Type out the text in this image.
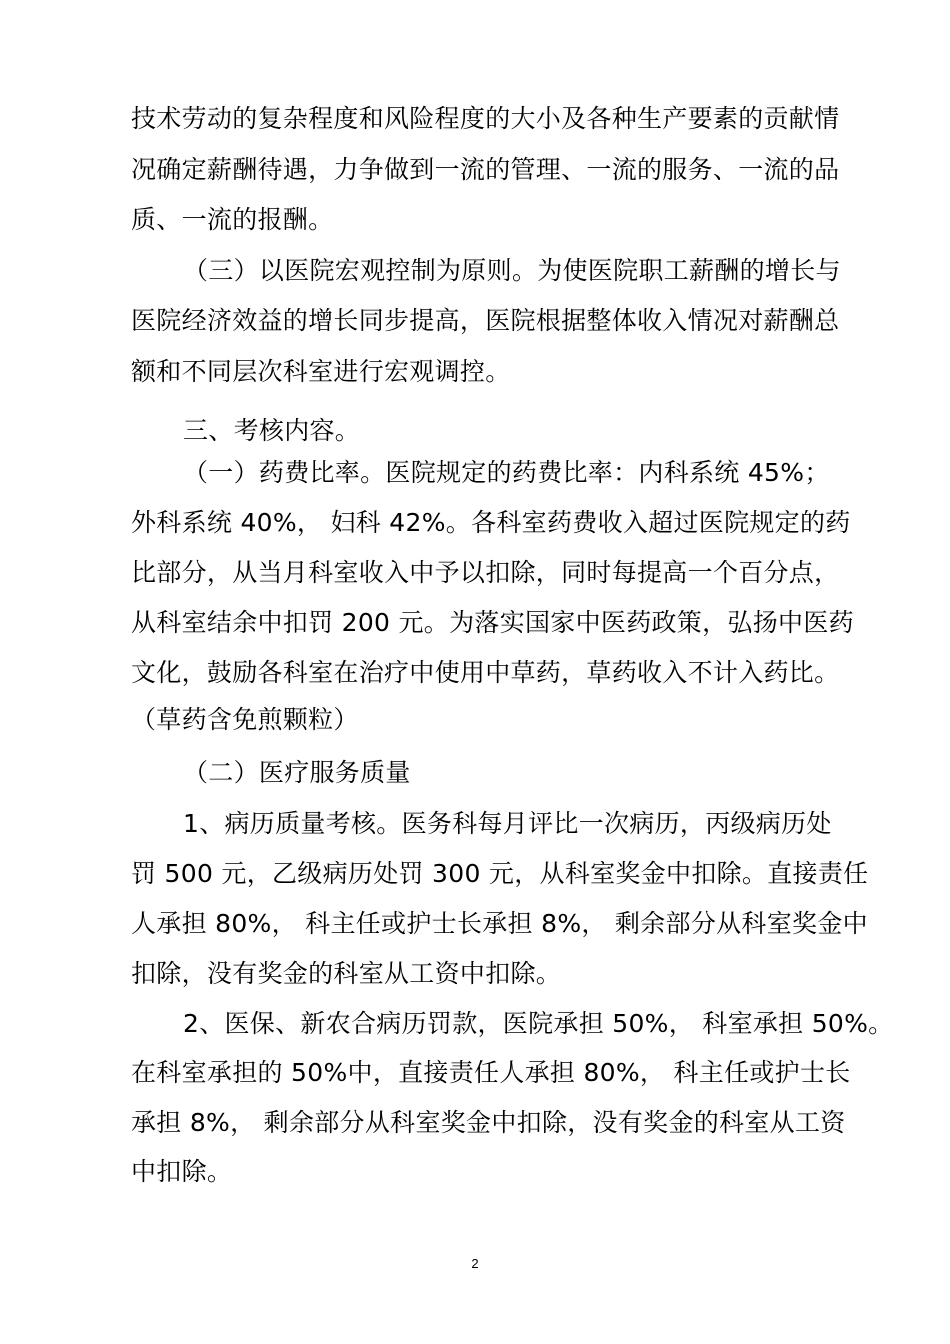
技术劳动的复杂程度和风险程度的大小及各种生产要素的贡献情
况确定薪酬待遇，力争做到一流的管理、一流的服务、一流的品
质、一流的报酬。
（三）以医院宏观控制为原则。为使医院职工薪酬的增长与
医院经济效益的增长同步提高，医院根据整体收入情况对薪酬总
额和不同层次科室进行宏观调控。
三、考核内容。
（一）药费比率。医院规定的药费比率：内科系统 45%；
外科系统 40%， 妇科 42%。各科室药费收入超过医院规定的药
比部分，从当月科室收入中予以扣除，同时每提高一个百分点，
从科室结余中扣罚 200 元。为落实国家中医药政策，弘扬中医药
文化，鼓励各科室在治疗中使用中草药，草药收入不计入药比。
（草药含免煎颗粒）
（二）医疗服务质量
1、病历质量考核。医务科每月评比一次病历，丙级病历处
罚 500 元，乙级病历处罚 300 元，从科室奖金中扣除。直接责任
人承担 80%， 科主任或护士长承担 8%， 剩余部分从科室奖金中
扣除，没有奖金的科室从工资中扣除。
2、医保、新农合病历罚款，医院承担 50%， 科室承担 50%。
在科室承担的 50%中，直接责任人承担 80%， 科主任或护士长
承担 8%， 剩余部分从科室奖金中扣除，没有奖金的科室从工资
中扣除。
2
